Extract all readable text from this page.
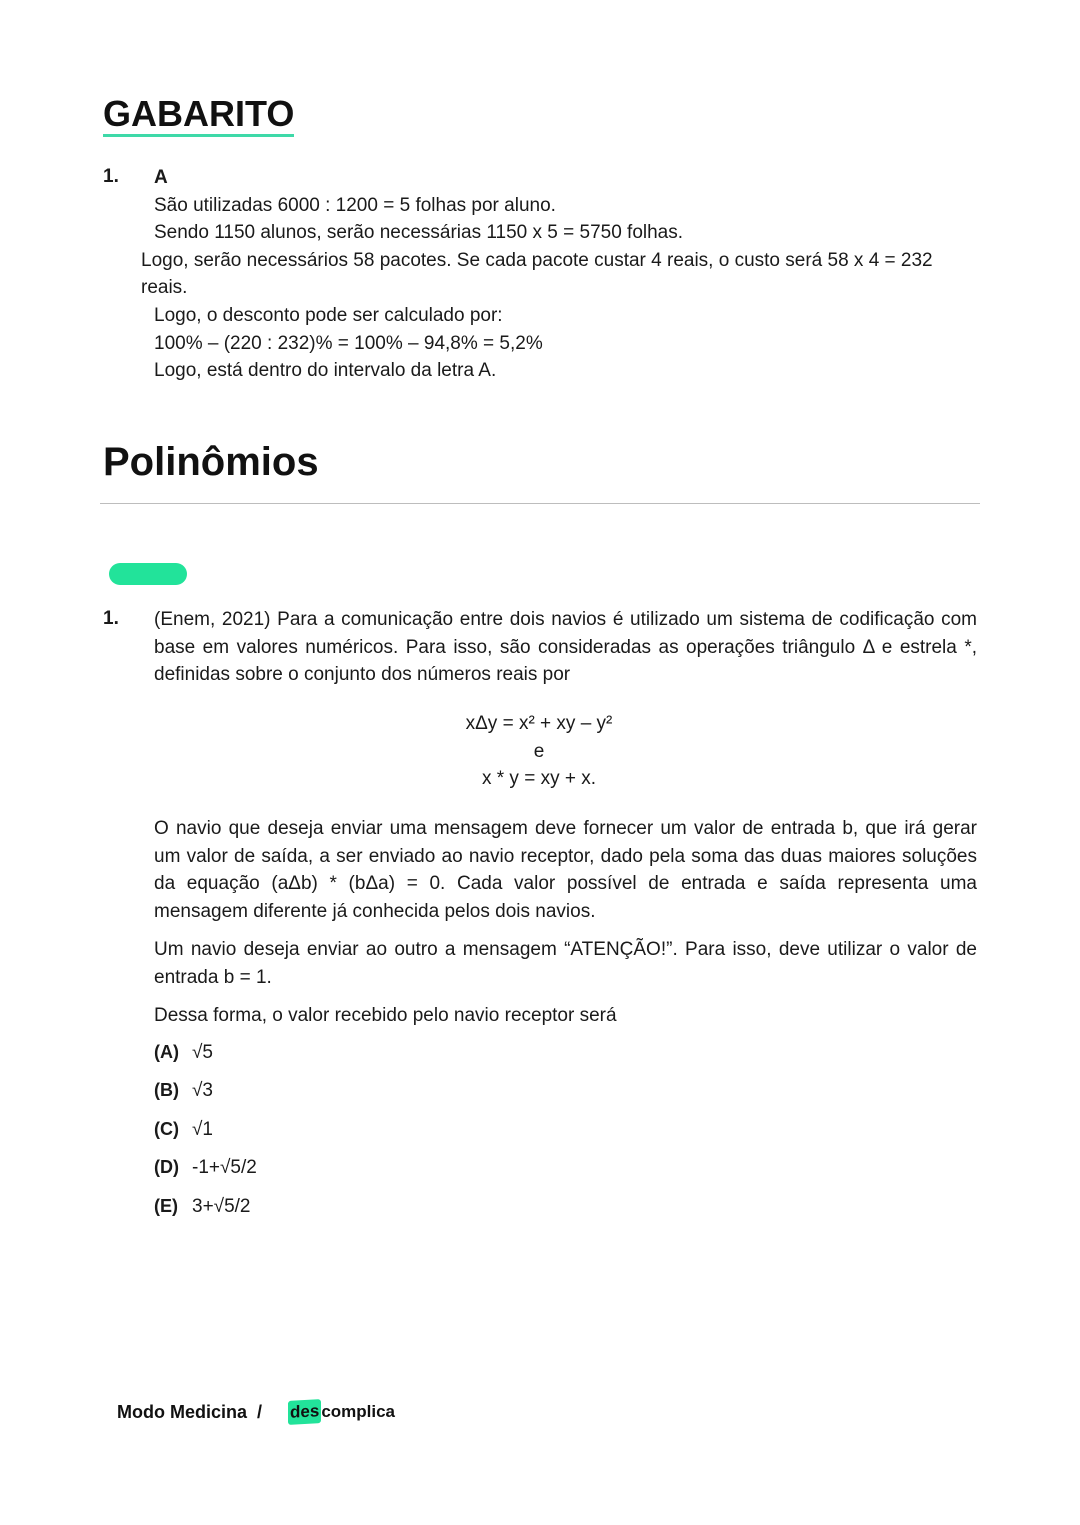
GABARITO
1. A
São utilizadas 6000 : 1200 = 5 folhas por aluno.
Sendo 1150 alunos, serão necessárias 1150 x 5 = 5750 folhas.
Logo, serão necessários 58 pacotes. Se cada pacote custar 4 reais, o custo será 58 x 4 = 232 reais.
Logo, o desconto pode ser calculado por:
100% – (220 : 232)% = 100% – 94,8% = 5,2%
Logo, está dentro do intervalo da letra A.
Polinômios
1. (Enem, 2021) Para a comunicação entre dois navios é utilizado um sistema de codificação com base em valores numéricos. Para isso, são consideradas as operações triângulo Δ e estrela *, definidas sobre o conjunto dos números reais por
xΔy = x² + xy – y²
e
x * y = xy + x.
O navio que deseja enviar uma mensagem deve fornecer um valor de entrada b, que irá gerar um valor de saída, a ser enviado ao navio receptor, dado pela soma das duas maiores soluções da equação (aΔb) * (bΔa) = 0. Cada valor possível de entrada e saída representa uma mensagem diferente já conhecida pelos dois navios.
Um navio deseja enviar ao outro a mensagem “ATENÇÃO!”. Para isso, deve utilizar o valor de entrada b = 1.
Dessa forma, o valor recebido pelo navio receptor será
(A) √5
(B) √3
(C) √1
(D) -1+√5/2
(E) 3+√5/2
Modo Medicina / des complica
